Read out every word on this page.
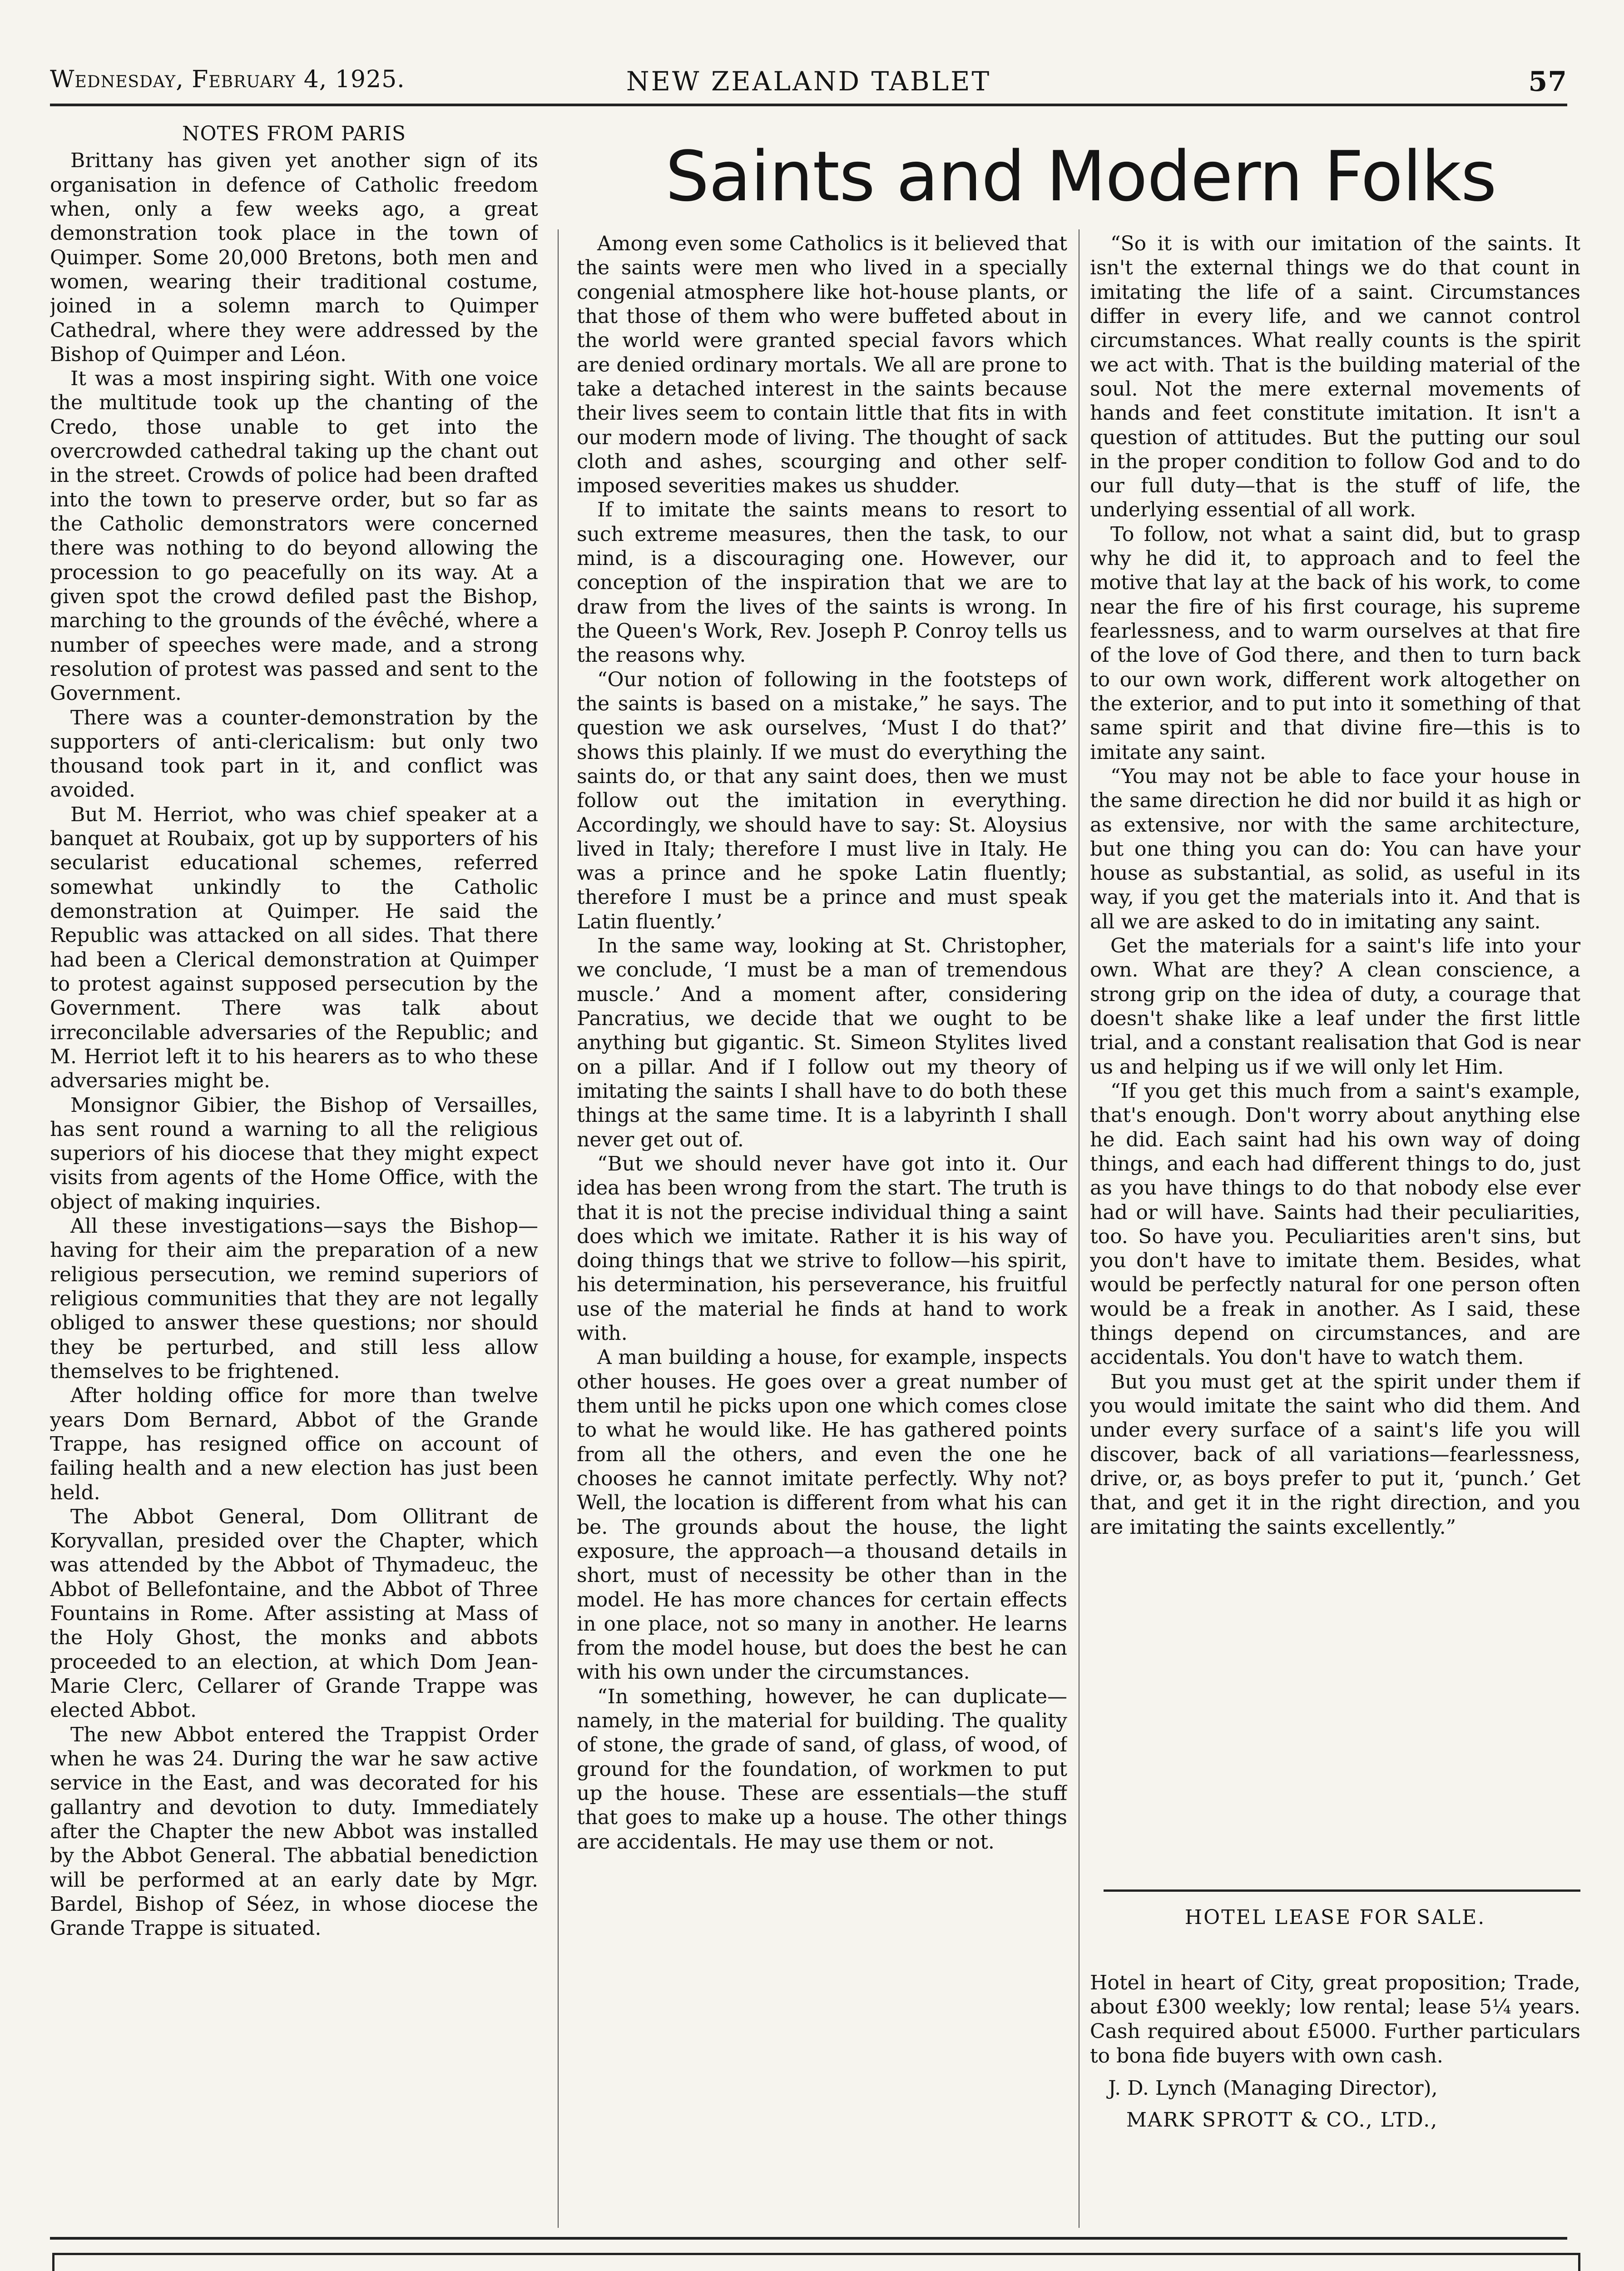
Wednesday, February 4, 1925.	NEW ZEALAND TABLET	57
NOTES FROM PARIS

Brittany has given yet another sign of its organisation in defence of Catholic freedom when, only a few weeks ago, a great demonstration took place in the town of Quimper. Some 20,000 Bretons, both men and women, wearing their traditional costume, joined in a solemn march to Quimper Cathedral, where they were addressed by the Bishop of Quimper and Léon.

It was a most inspiring sight. With one voice the multitude took up the chanting of the Credo, those unable to get into the overcrowded cathedral taking up the chant out in the street. Crowds of police had been drafted into the town to preserve order, but so far as the Catholic demonstrators were concerned there was nothing to do beyond allowing the procession to go peacefully on its way. At a given spot the crowd defiled past the Bishop, marching to the grounds of the évêché, where a number of speeches were made, and a strong resolution of protest was passed and sent to the Government.

There was a counter-demonstration by the supporters of anti-clericalism: but only two thousand took part in it, and conflict was avoided.

But M. Herriot, who was chief speaker at a banquet at Roubaix, got up by supporters of his secularist educational schemes, referred somewhat unkindly to the Catholic demonstration at Quimper. He said the Republic was attacked on all sides. That there had been a Clerical demonstration at Quimper to protest against supposed persecution by the Government. There was talk about irreconcilable adversaries of the Republic; and M. Herriot left it to his hearers as to who these adversaries might be.

Monsignor Gibier, the Bishop of Versailles, has sent round a warning to all the religious superiors of his diocese that they might expect visits from agents of the Home Office, with the object of making inquiries.

All these investigations—says the Bishop—having for their aim the preparation of a new religious persecution, we remind superiors of religious communities that they are not legally obliged to answer these questions; nor should they be perturbed, and still less allow themselves to be frightened.

After holding office for more than twelve years Dom Bernard, Abbot of the Grande Trappe, has resigned office on account of failing health and a new election has just been held.

The Abbot General, Dom Ollitrant de Koryvallan, presided over the Chapter, which was attended by the Abbot of Thymadeuc, the Abbot of Bellefontaine, and the Abbot of Three Fountains in Rome. After assisting at Mass of the Holy Ghost, the monks and abbots proceeded to an election, at which Dom Jean-Marie Clerc, Cellarer of Grande Trappe was elected Abbot.

The new Abbot entered the Trappist Order when he was 24. During the war he saw active service in the East, and was decorated for his gallantry and devotion to duty. Immediately after the Chapter the new Abbot was installed by the Abbot General. The abbatial benediction will be performed at an early date by Mgr. Bardel, Bishop of Séez, in whose diocese the Grande Trappe is situated.

Saints and Modern Folks

Among even some Catholics is it believed that the saints were men who lived in a specially congenial atmosphere like hot-house plants, or that those of them who were buffeted about in the world were granted special favors which are denied ordinary mortals. We all are prone to take a detached interest in the saints because their lives seem to contain little that fits in with our modern mode of living. The thought of sack cloth and ashes, scourging and other self-imposed severities makes us shudder.

If to imitate the saints means to resort to such extreme measures, then the task, to our mind, is a discouraging one. However, our conception of the inspiration that we are to draw from the lives of the saints is wrong. In the Queen's Work, Rev. Joseph P. Conroy tells us the reasons why.

“Our notion of following in the footsteps of the saints is based on a mistake,” he says. The question we ask ourselves, ‘Must I do that?’ shows this plainly. If we must do everything the saints do, or that any saint does, then we must follow out the imitation in everything. Accordingly, we should have to say: St. Aloysius lived in Italy; therefore I must live in Italy. He was a prince and he spoke Latin fluently; therefore I must be a prince and must speak Latin fluently.’

In the same way, looking at St. Christopher, we conclude, ‘I must be a man of tremendous muscle.’ And a moment after, considering Pancratius, we decide that we ought to be anything but gigantic. St. Simeon Stylites lived on a pillar. And if I follow out my theory of imitating the saints I shall have to do both these things at the same time. It is a labyrinth I shall never get out of.

“But we should never have got into it. Our idea has been wrong from the start. The truth is that it is not the precise individual thing a saint does which we imitate. Rather it is his way of doing things that we strive to follow—his spirit, his determination, his perseverance, his fruitful use of the material he finds at hand to work with.

A man building a house, for example, inspects other houses. He goes over a great number of them until he picks upon one which comes close to what he would like. He has gathered points from all the others, and even the one he chooses he cannot imitate perfectly. Why not? Well, the location is different from what his can be. The grounds about the house, the light exposure, the approach—a thousand details in short, must of necessity be other than in the model. He has more chances for certain effects in one place, not so many in another. He learns from the model house, but does the best he can with his own under the circumstances.

“In something, however, he can duplicate—namely, in the material for building. The quality of stone, the grade of sand, of glass, of wood, of ground for the foundation, of workmen to put up the house. These are essentials—the stuff that goes to make up a house. The other things are accidentals. He may use them or not.

“So it is with our imitation of the saints. It isn't the external things we do that count in imitating the life of a saint. Circumstances differ in every life, and we cannot control circumstances. What really counts is the spirit we act with. That is the building material of the soul. Not the mere external movements of hands and feet constitute imitation. It isn't a question of attitudes. But the putting our soul in the proper condition to follow God and to do our full duty—that is the stuff of life, the underlying essential of all work.

To follow, not what a saint did, but to grasp why he did it, to approach and to feel the motive that lay at the back of his work, to come near the fire of his first courage, his supreme fearlessness, and to warm ourselves at that fire of the love of God there, and then to turn back to our own work, different work altogether on the exterior, and to put into it something of that same spirit and that divine fire—this is to imitate any saint.

“You may not be able to face your house in the same direction he did nor build it as high or as extensive, nor with the same architecture, but one thing you can do: You can have your house as substantial, as solid, as useful in its way, if you get the materials into it. And that is all we are asked to do in imitating any saint.

Get the materials for a saint's life into your own. What are they? A clean conscience, a strong grip on the idea of duty, a courage that doesn't shake like a leaf under the first little trial, and a constant realisation that God is near us and helping us if we will only let Him.

“If you get this much from a saint's example, that's enough. Don't worry about anything else he did. Each saint had his own way of doing things, and each had different things to do, just as you have things to do that nobody else ever had or will have. Saints had their peculiarities, too. So have you. Peculiarities aren't sins, but you don't have to imitate them. Besides, what would be perfectly natural for one person often would be a freak in another. As I said, these things depend on circumstances, and are accidentals. You don't have to watch them.

But you must get at the spirit under them if you would imitate the saint who did them. And under every surface of a saint's life you will discover, back of all variations—fearlessness, drive, or, as boys prefer to put it, ‘punch.’ Get that, and get it in the right direction, and you are imitating the saints excellently.”

HOTEL LEASE FOR SALE.
Hotel in heart of City, great proposition; Trade, about £300 weekly; low rental; lease 5¼ years. Cash required about £5000. Further particulars to bona fide buyers with own cash.
J. D. Lynch (Managing Director),
MARK SPROTT & CO., LTD.,
